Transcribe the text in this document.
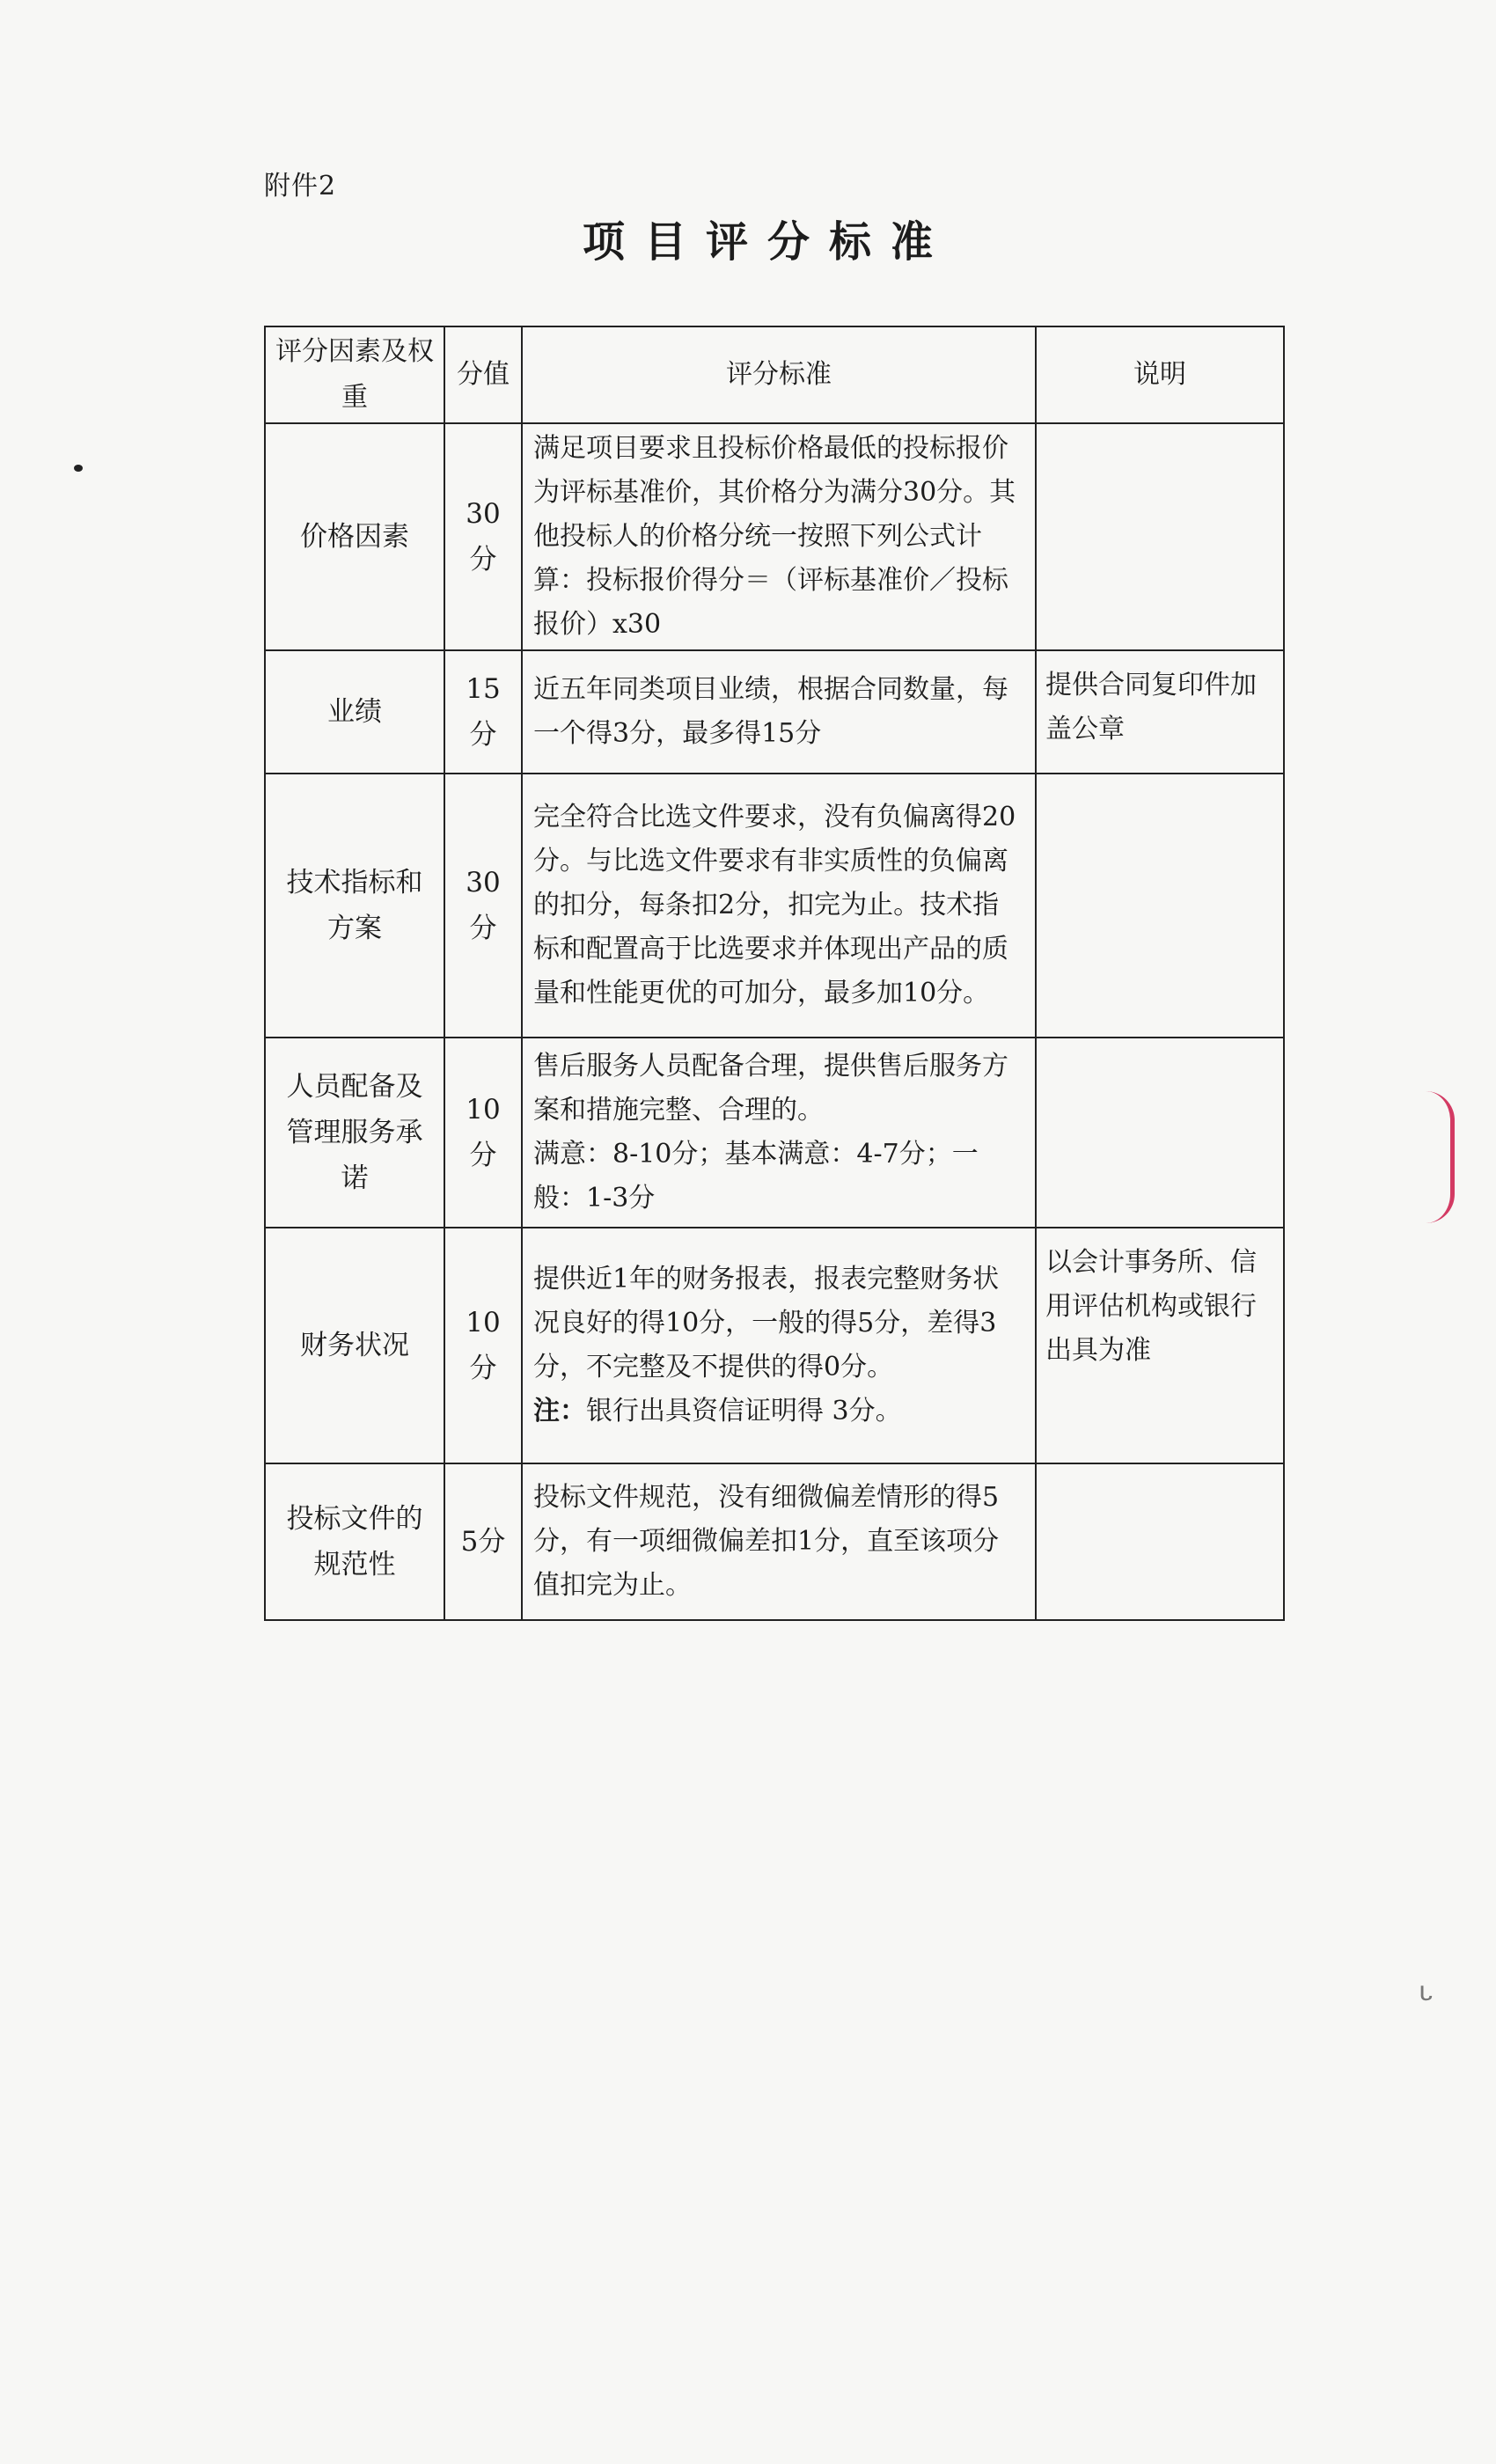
附件2
项目评分标准
评分因素及权重
分值	评分标准	说明
价格因素
30分

满足项目要求且投标价格最低的投标报价为评标基准价，其价格分为满分30分。其他投标人的价格分统一按照下列公式计算：投标报价得分＝（评标基准价／投标报价）x30

业绩
15分

近五年同类项目业绩，根据合同数量，每一个得3分，最多得15分

提供合同复印件加盖公章
技术指标和方案
30分

完全符合比选文件要求，没有负偏离得20分。与比选文件要求有非实质性的负偏离的扣分，每条扣2分，扣完为止。技术指标和配置高于比选要求并体现出产品的质量和性能更优的可加分，最多加10分。

人员配备及管理服务承诺
10分

售后服务人员配备合理，提供售后服务方案和措施完整、合理的。

满意：8-10分；基本满意：4-7分；一般：1-3分

财务状况
10分

提供近1年的财务报表，报表完整财务状况良好的得10分，一般的得5分，差得3分，不完整及不提供的得0分。

注：银行出具资信证明得 3分。

以会计事务所、信用评估机构或银行出具为准
投标文件的规范性
5分

投标文件规范，没有细微偏差情形的得5分，有一项细微偏差扣1分，直至该项分值扣完为止。

ᒡ
